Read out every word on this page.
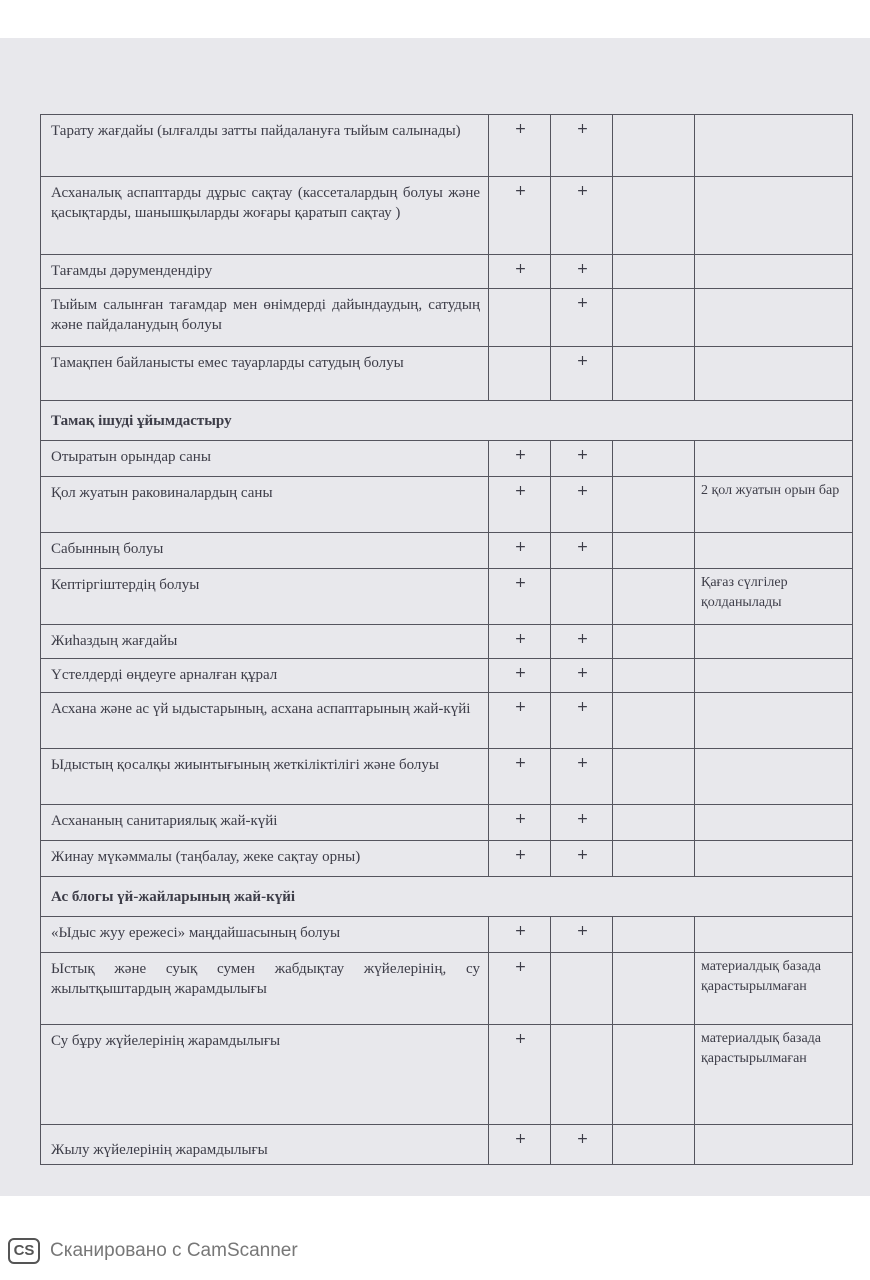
Тарату жағдайы (ылғалды затты пайдалануға тыйым салынады)	+	+		
Асханалық аспаптарды дұрыс сақтау (кассеталардың болуы және қасықтарды, шанышқыларды жоғары қаратып сақтау )	+	+		
Тағамды дәрумендендіру	+	+		
Тыйым салынған тағамдар мен өнімдерді дайындаудың, сатудың және пайдаланудың болуы		+		
Тамақпен байланысты емес тауарларды сатудың болуы		+		
Тамақ ішуді ұйымдастыру				
Отыратын орындар саны	+	+		
Қол жуатын раковиналардың саны	+	+		2 қол жуатын орын бар
Сабынның болуы	+	+		
Кептіргіштердің болуы	+			Қағаз сүлгілер қолданылады
Жиһаздың жағдайы	+	+		
Үстелдерді өңдеуге арналған құрал	+	+		
Асхана және ас үй ыдыстарының, асхана аспаптарының жай-күйі	+	+		
Ыдыстың қосалқы жиынтығының жеткіліктілігі және болуы	+	+		
Асхананың санитариялық жай-күйі	+	+		
Жинау мүкәммалы (таңбалау, жеке сақтау орны)	+	+		
Ас блогы үй-жайларының жай-күйі				
«Ыдыс жуу ережесі» маңдайшасының болуы	+	+		
Ыстық және суық сумен жабдықтау жүйелерінің, су жылытқыштардың жарамдылығы	+			материалдық базада қарастырылмаған
Су бұру жүйелерінің жарамдылығы	+			материалдық базада қарастырылмаған
Жылу жүйелерінің жарамдылығы	+	+		
CS Сканировано с CamScanner
